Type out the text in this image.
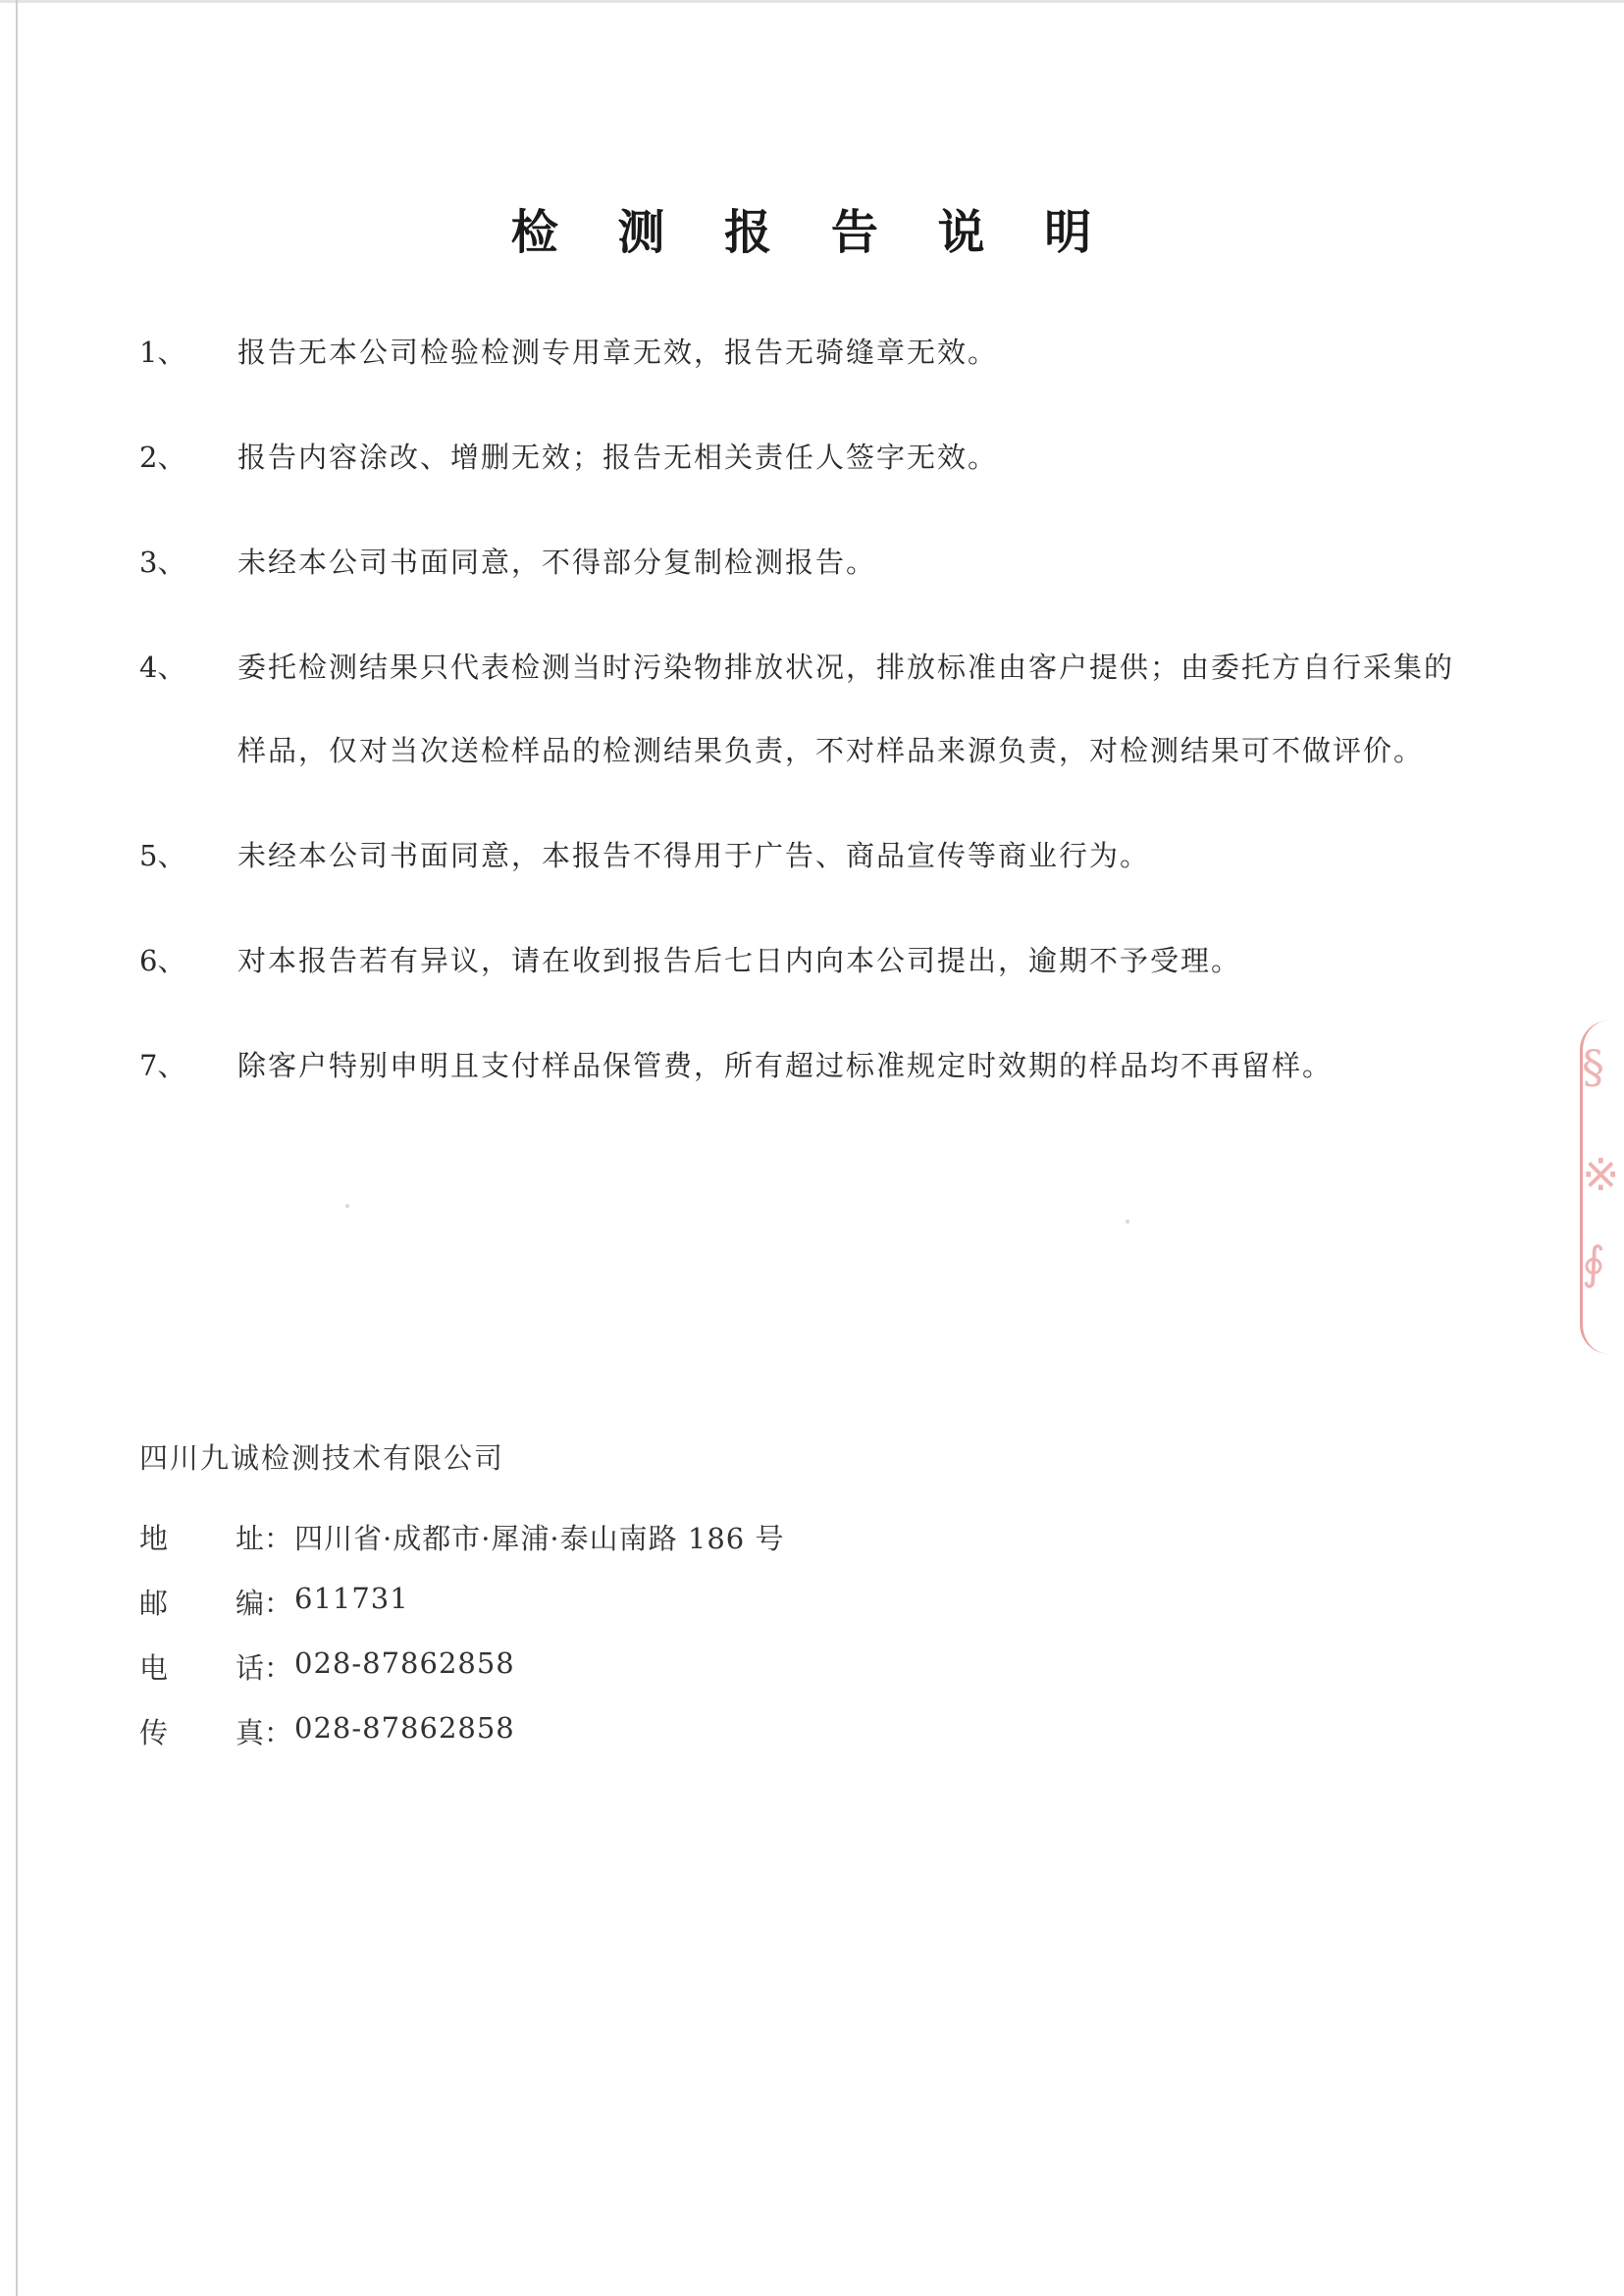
检 测 报 告 说 明
1、	报告无本公司检验检测专用章无效，报告无骑缝章无效。
2、	报告内容涂改、增删无效；报告无相关责任人签字无效。
3、	未经本公司书面同意，不得部分复制检测报告。
4、	委托检测结果只代表检测当时污染物排放状况，排放标准由客户提供；由委托方自行采集的样品，仅对当次送检样品的检测结果负责，不对样品来源负责，对检测结果可不做评价。
5、	未经本公司书面同意，本报告不得用于广告、商品宣传等商业行为。
6、	对本报告若有异议，请在收到报告后七日内向本公司提出，逾期不予受理。
7、	除客户特别申明且支付样品保管费，所有超过标准规定时效期的样品均不再留样。
四川九诚检测技术有限公司
地 址： 四川省·成都市·犀浦·泰山南路 186 号
邮 编： 611731
电 话： 028-87862858
传 真： 028-87862858
§
※
∮
